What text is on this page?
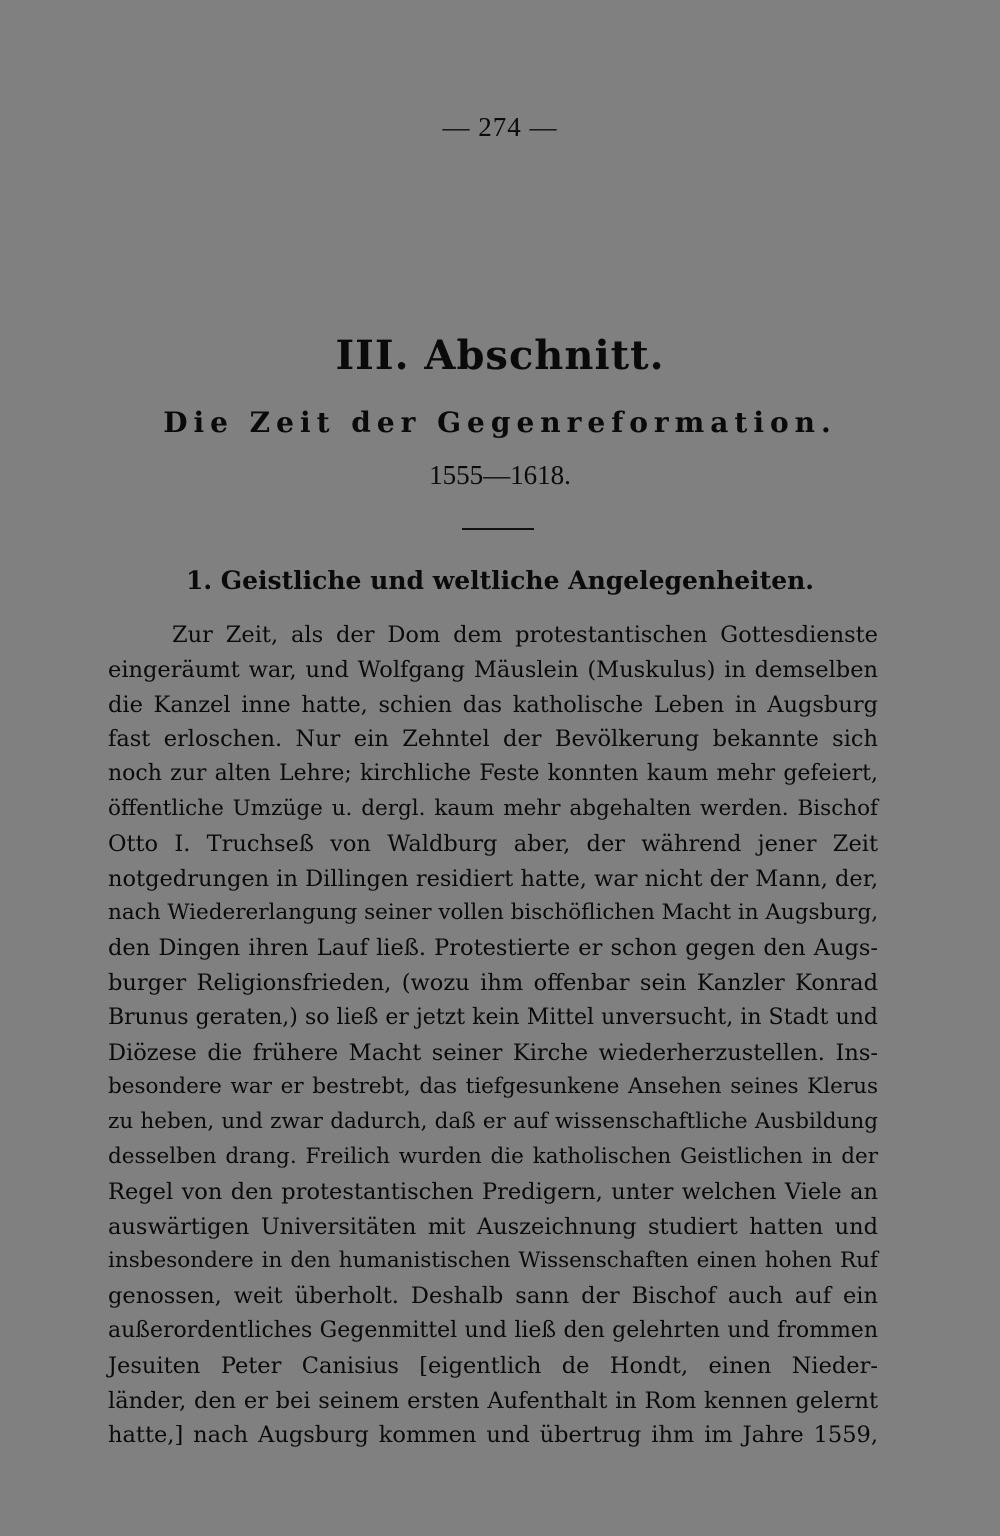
— 274 —
III. Abschnitt.
Die Zeit der Gegenreformation.
1555—1618.
1. Geistliche und weltliche Angelegenheiten.
Zur Zeit, als der Dom dem protestantischen Gottesdienste
eingeräumt war, und Wolfgang Mäuslein (Muskulus) in demselben
die Kanzel inne hatte, schien das katholische Leben in Augsburg
fast erloschen. Nur ein Zehntel der Bevölkerung bekannte sich
noch zur alten Lehre; kirchliche Feste konnten kaum mehr gefeiert,
öffentliche Umzüge u. dergl. kaum mehr abgehalten werden. Bischof
Otto I. Truchseß von Waldburg aber, der während jener Zeit
notgedrungen in Dillingen residiert hatte, war nicht der Mann, der,
nach Wiedererlangung seiner vollen bischöflichen Macht in Augsburg,
den Dingen ihren Lauf ließ. Protestierte er schon gegen den Augs-
burger Religionsfrieden, (wozu ihm offenbar sein Kanzler Konrad
Brunus geraten,) so ließ er jetzt kein Mittel unversucht, in Stadt und
Diözese die frühere Macht seiner Kirche wiederherzustellen. Ins-
besondere war er bestrebt, das tiefgesunkene Ansehen seines Klerus
zu heben, und zwar dadurch, daß er auf wissenschaftliche Ausbildung
desselben drang. Freilich wurden die katholischen Geistlichen in der
Regel von den protestantischen Predigern, unter welchen Viele an
auswärtigen Universitäten mit Auszeichnung studiert hatten und
insbesondere in den humanistischen Wissenschaften einen hohen Ruf
genossen, weit überholt. Deshalb sann der Bischof auch auf ein
außerordentliches Gegenmittel und ließ den gelehrten und frommen
Jesuiten Peter Canisius [eigentlich de Hondt, einen Nieder-
länder, den er bei seinem ersten Aufenthalt in Rom kennen gelernt
hatte,] nach Augsburg kommen und übertrug ihm im Jahre 1559,
